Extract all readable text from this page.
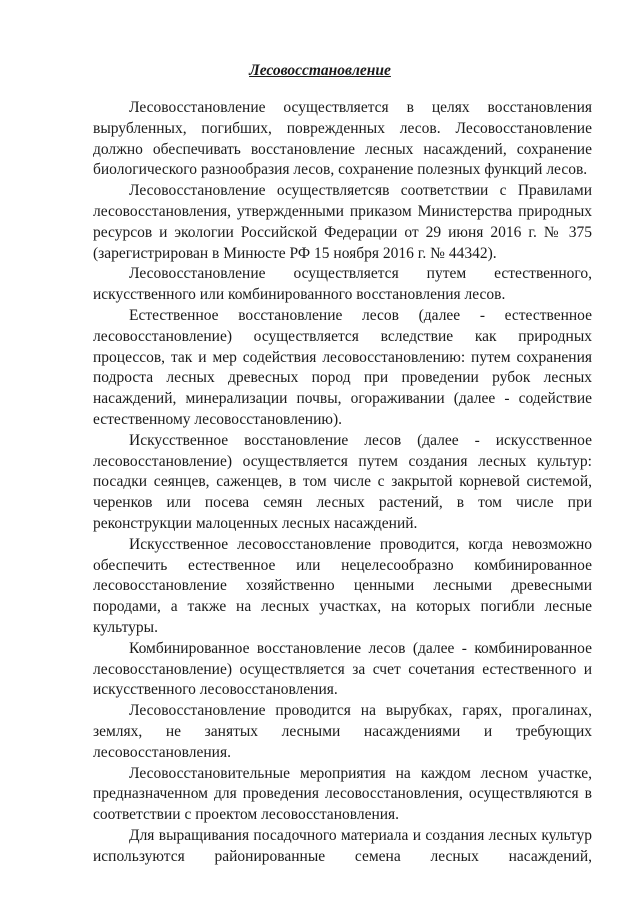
Лесовосстановление

Лесовосстановление осуществляется в целях восстановления вырубленных, погибших, поврежденных лесов. Лесовосстановление должно обеспечивать восстановление лесных насаждений, сохранение биологического разнообразия лесов, сохранение полезных функций лесов.

Лесовосстановление осуществляетсяв соответствии с Правилами лесовосстановления, утвержденными приказом Министерства природных ресурсов и экологии Российской Федерации от 29 июня 2016 г. № 375 (зарегистрирован в Минюсте РФ 15 ноября 2016 г. № 44342).

Лесовосстановление осуществляется путем естественного, искусственного или комбинированного восстановления лесов.

Естественное восстановление лесов (далее - естественное лесовосстановление) осуществляется вследствие как природных процессов, так и мер содействия лесовосстановлению: путем сохранения подроста лесных древесных пород при проведении рубок лесных насаждений, минерализации почвы, огораживании (далее - содействие естественному лесовосстановлению).

Искусственное восстановление лесов (далее - искусственное лесовосстановление) осуществляется путем создания лесных культур: посадки сеянцев, саженцев, в том числе с закрытой корневой системой, черенков или посева семян лесных растений, в том числе при реконструкции малоценных лесных насаждений.

Искусственное лесовосстановление проводится, когда невозможно обеспечить естественное или нецелесообразно комбинированное лесовосстановление хозяйственно ценными лесными древесными породами, а также на лесных участках, на которых погибли лесные культуры.

Комбинированное восстановление лесов (далее - комбинированное лесовосстановление) осуществляется за счет сочетания естественного и искусственного лесовосстановления.

Лесовосстановление проводится на вырубках, гарях, прогалинах, землях, не занятых лесными насаждениями и требующих лесовосстановления.

Лесовосстановительные мероприятия на каждом лесном участке, предназначенном для проведения лесовосстановления, осуществляются в соответствии с проектом лесовосстановления.

Для выращивания посадочного материала и создания лесных культур используются районированные семена лесных насаждений,
